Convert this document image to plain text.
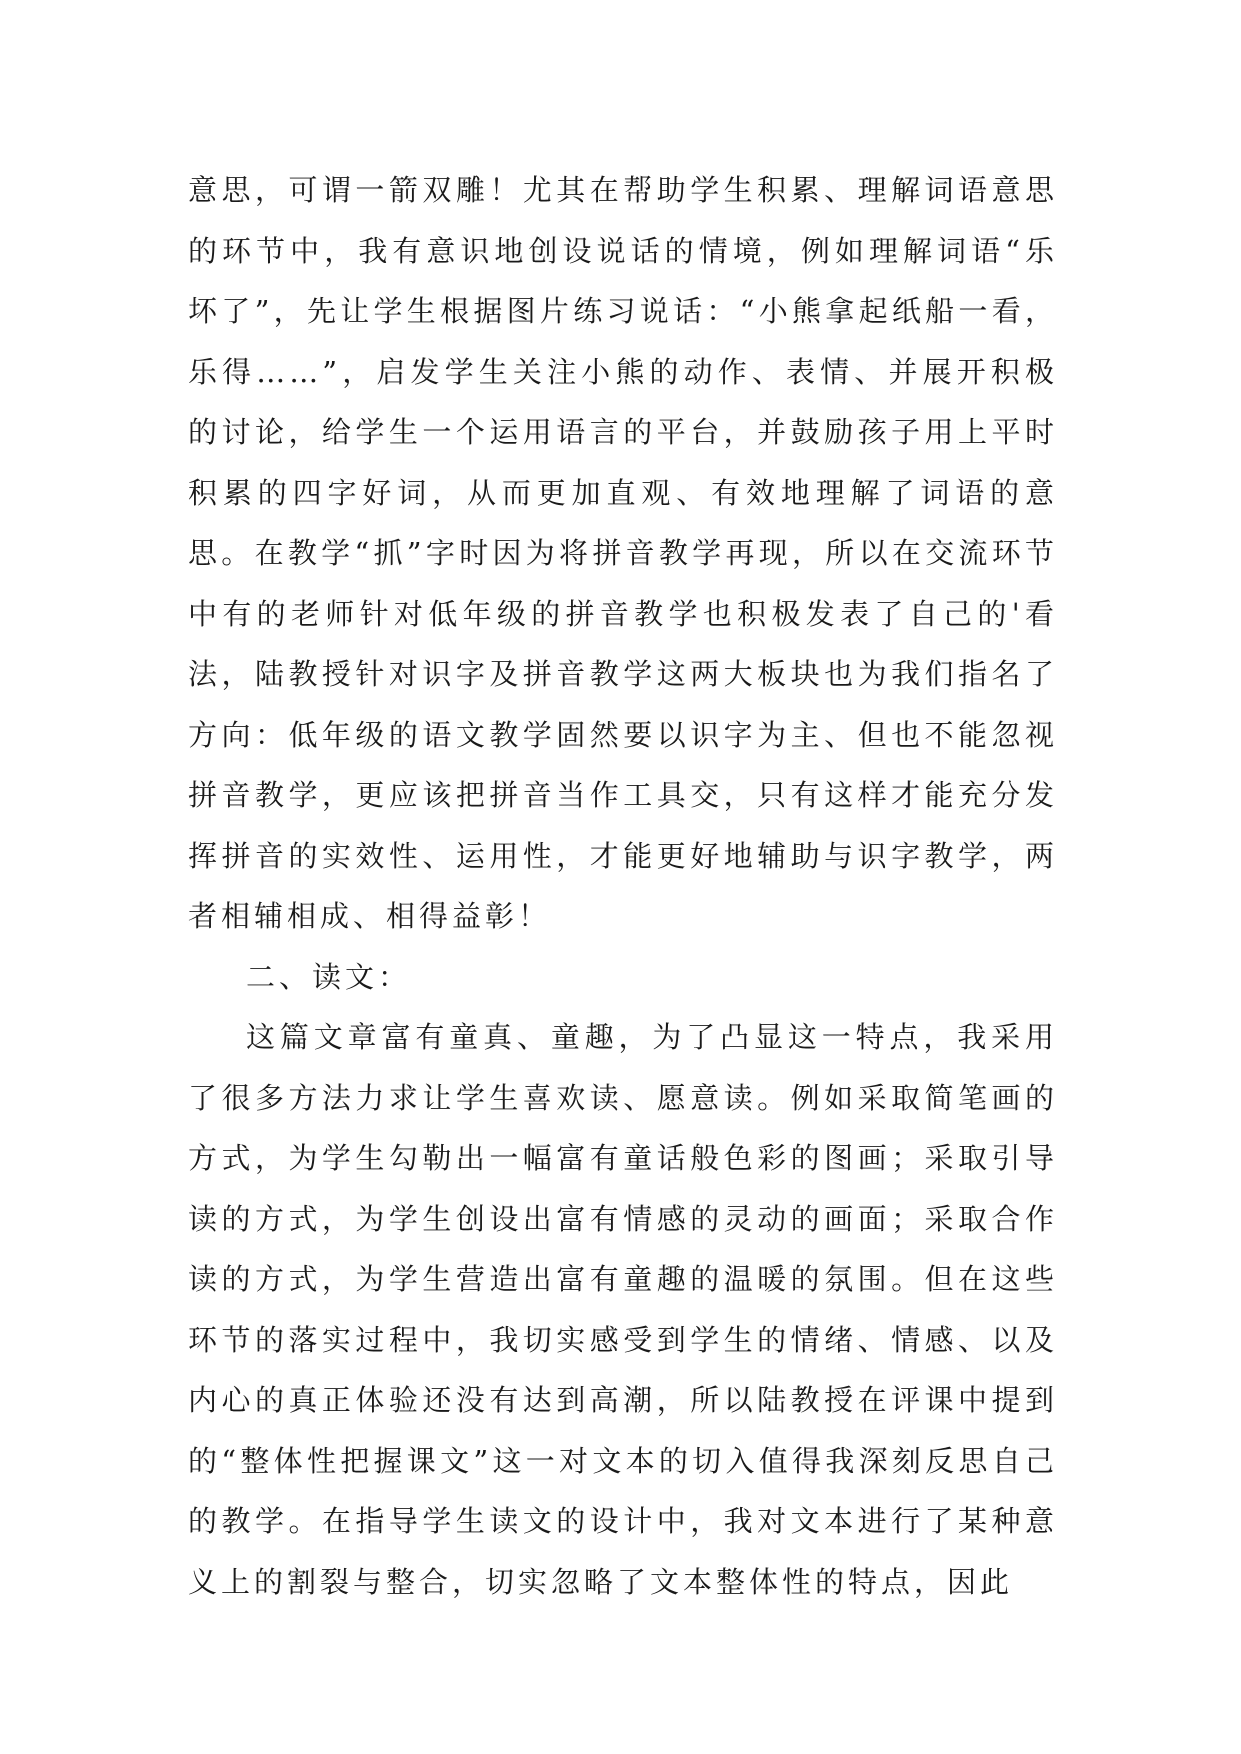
意思，可谓一箭双雕！尤其在帮助学生积累、理解词语意思的环节中，我有意识地创设说话的情境，例如理解词语“乐坏了”，先让学生根据图片练习说话：“小熊拿起纸船一看，乐得……”，启发学生关注小熊的动作、表情、并展开积极的讨论，给学生一个运用语言的平台，并鼓励孩子用上平时积累的四字好词，从而更加直观、有效地理解了词语的意思。在教学“抓”字时因为将拼音教学再现，所以在交流环节中有的老师针对低年级的拼音教学也积极发表了自己的'看法，陆教授针对识字及拼音教学这两大板块也为我们指名了方向：低年级的语文教学固然要以识字为主、但也不能忽视拼音教学，更应该把拼音当作工具交，只有这样才能充分发挥拼音的实效性、运用性，才能更好地辅助与识字教学，两者相辅相成、相得益彰！

二、读文：

这篇文章富有童真、童趣，为了凸显这一特点，我采用了很多方法力求让学生喜欢读、愿意读。例如采取简笔画的方式，为学生勾勒出一幅富有童话般色彩的图画；采取引导读的方式，为学生创设出富有情感的灵动的画面；采取合作读的方式，为学生营造出富有童趣的温暖的氛围。但在这些环节的落实过程中，我切实感受到学生的情绪、情感、以及内心的真正体验还没有达到高潮，所以陆教授在评课中提到的“整体性把握课文”这一对文本的切入值得我深刻反思自己的教学。在指导学生读文的设计中，我对文本进行了某种意义上的割裂与整合，切实忽略了文本整体性的特点，因此
